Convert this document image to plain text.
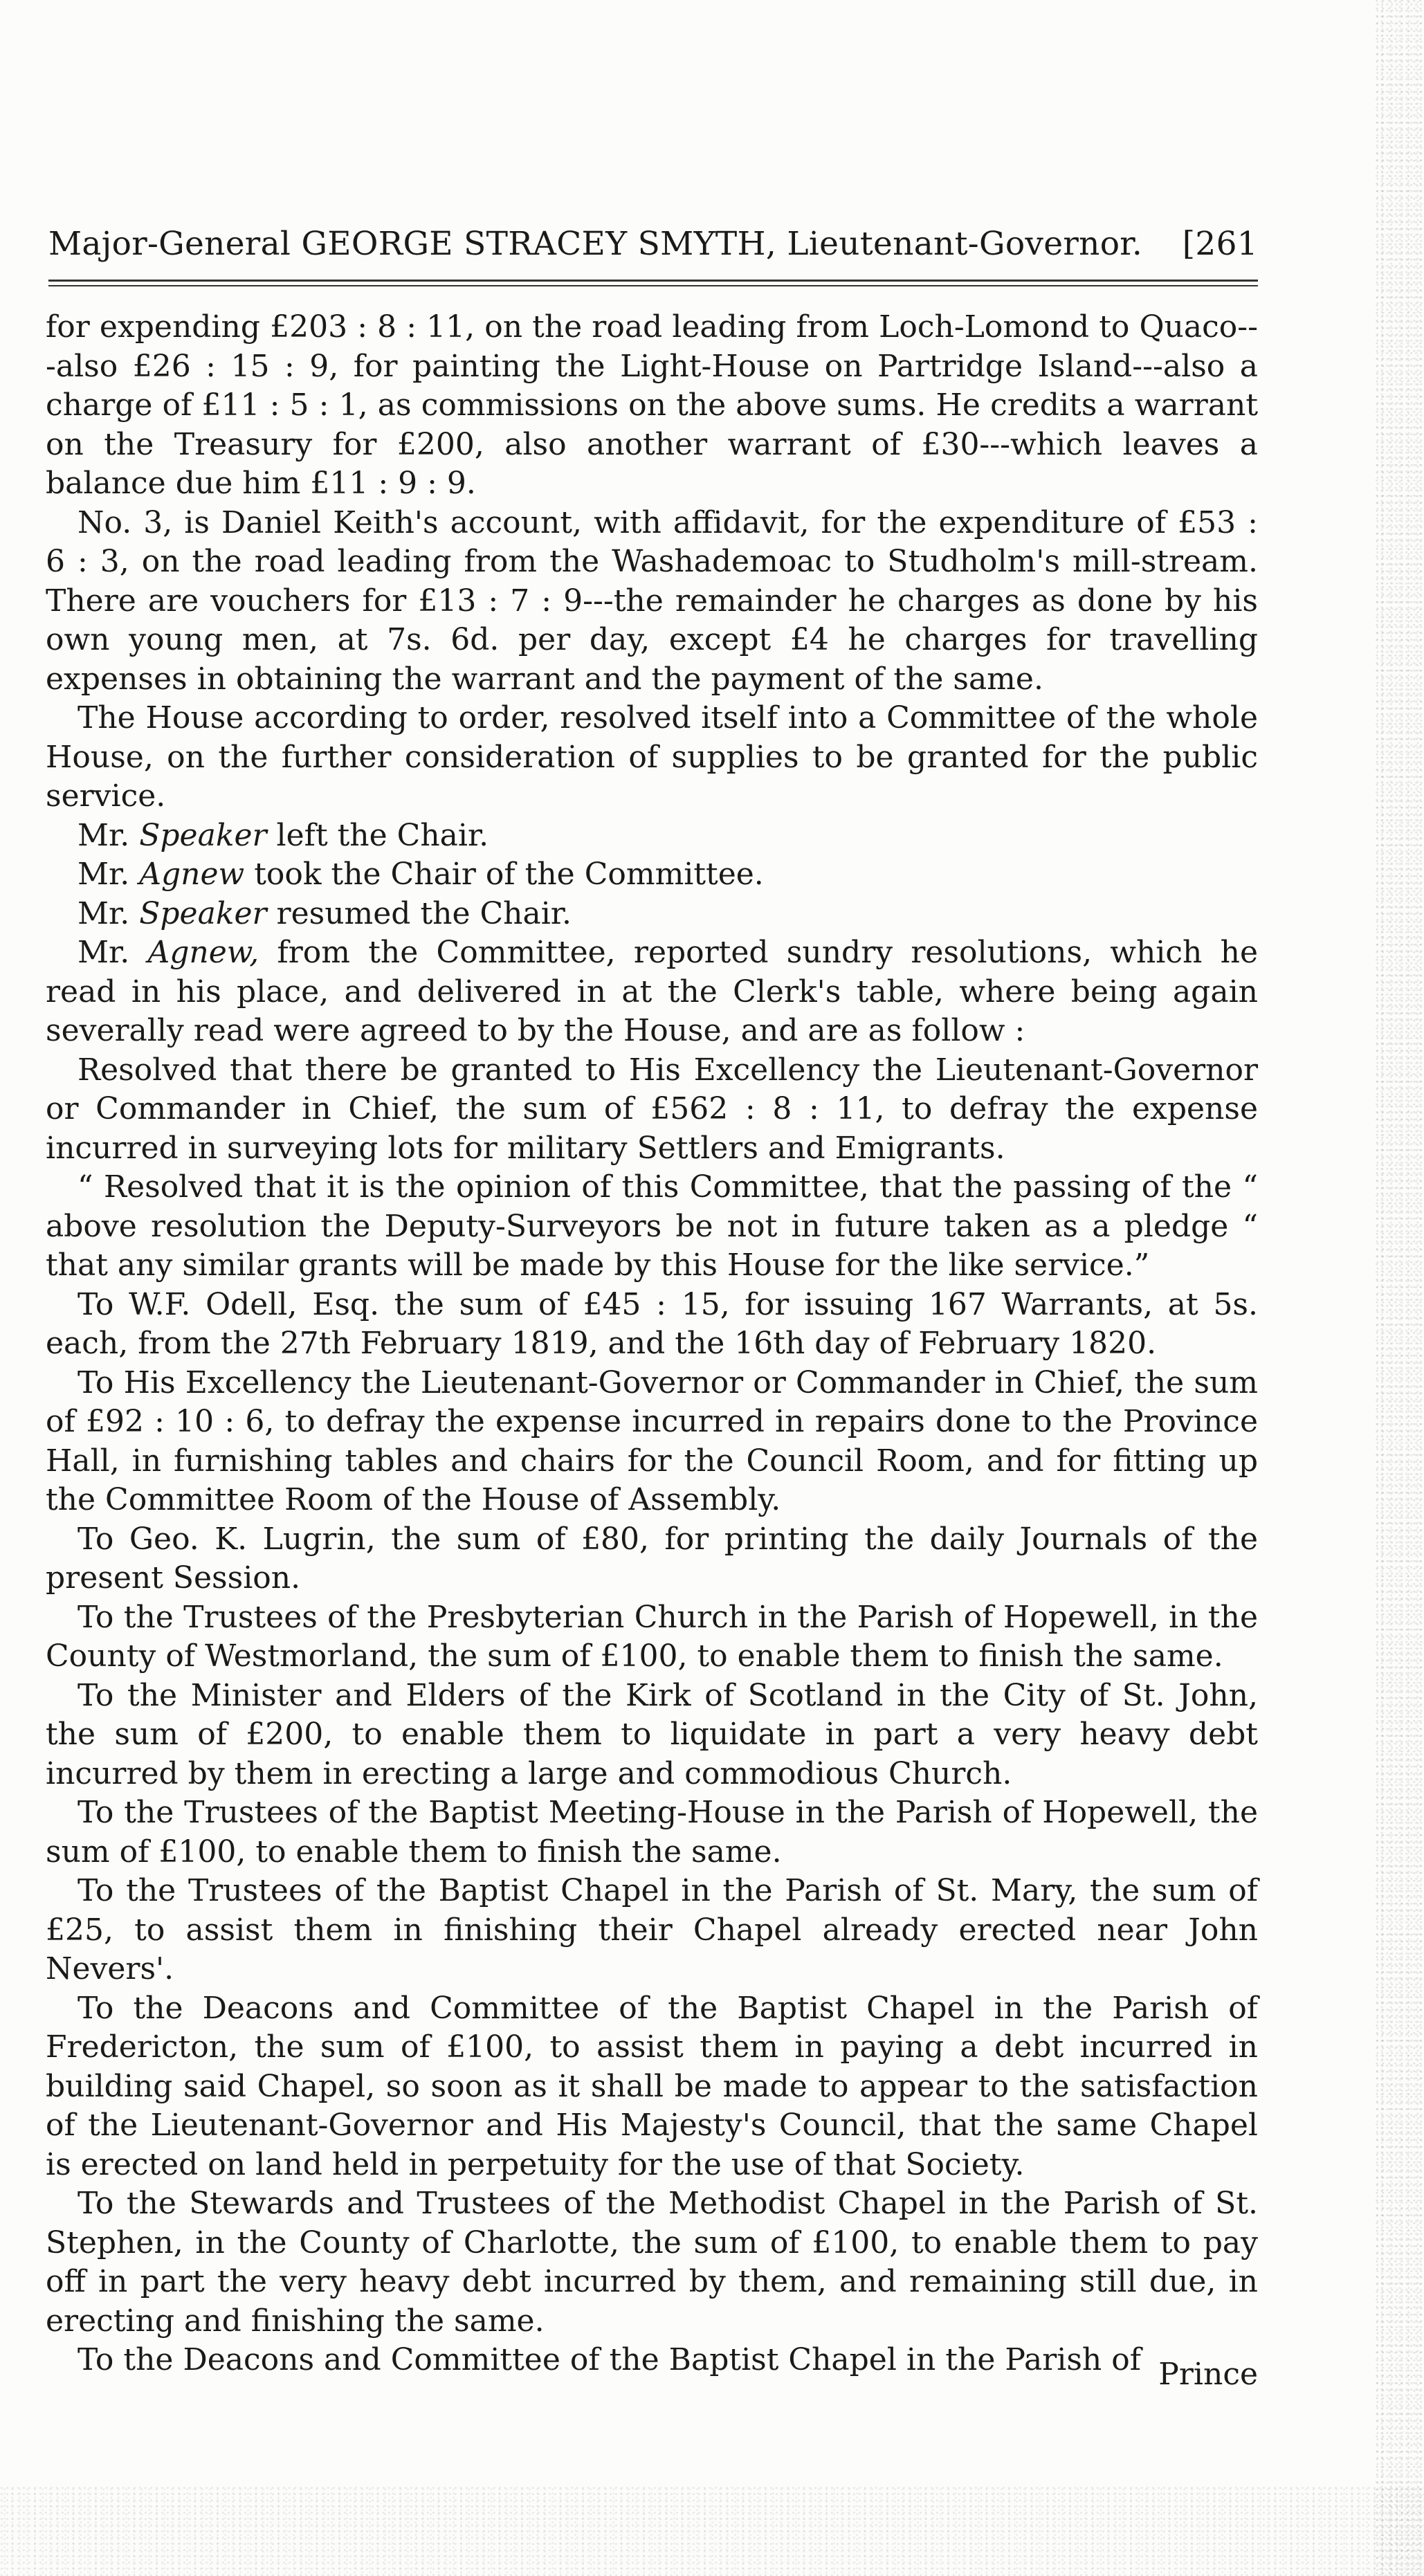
Major-General GEORGE STRACEY SMYTH, Lieutenant-Governor. [261

for expending £203 : 8 : 11, on the road leading from Loch-Lomond to Quaco---also £26 : 15 : 9, for painting the Light-House on Partridge Island---also a charge of £11 : 5 : 1, as commissions on the above sums. He credits a warrant on the Treasury for £200, also another warrant of £30---which leaves a balance due him £11 : 9 : 9.

No. 3, is Daniel Keith's account, with affidavit, for the expenditure of £53 : 6 : 3, on the road leading from the Washademoac to Studholm's mill-stream. There are vouchers for £13 : 7 : 9---the remainder he charges as done by his own young men, at 7s. 6d. per day, except £4 he charges for travelling expenses in obtaining the warrant and the payment of the same.

The House according to order, resolved itself into a Committee of the whole House, on the further consideration of supplies to be granted for the public service.

Mr. Speaker left the Chair.

Mr. Agnew took the Chair of the Committee.

Mr. Speaker resumed the Chair.

Mr. Agnew, from the Committee, reported sundry resolutions, which he read in his place, and delivered in at the Clerk's table, where being again severally read were agreed to by the House, and are as follow :

Resolved that there be granted to His Excellency the Lieutenant-Governor or Commander in Chief, the sum of £562 : 8 : 11, to defray the expense incurred in surveying lots for military Settlers and Emigrants.

“ Resolved that it is the opinion of this Committee, that the passing of the “ above resolution the Deputy-Surveyors be not in future taken as a pledge “ that any similar grants will be made by this House for the like service.”

To W.F. Odell, Esq. the sum of £45 : 15, for issuing 167 Warrants, at 5s. each, from the 27th February 1819, and the 16th day of February 1820.

To His Excellency the Lieutenant-Governor or Commander in Chief, the sum of £92 : 10 : 6, to defray the expense incurred in repairs done to the Province Hall, in furnishing tables and chairs for the Council Room, and for fitting up the Committee Room of the House of Assembly.

To Geo. K. Lugrin, the sum of £80, for printing the daily Journals of the present Session.

To the Trustees of the Presbyterian Church in the Parish of Hopewell, in the County of Westmorland, the sum of £100, to enable them to finish the same.

To the Minister and Elders of the Kirk of Scotland in the City of St. John, the sum of £200, to enable them to liquidate in part a very heavy debt incurred by them in erecting a large and commodious Church.

To the Trustees of the Baptist Meeting-House in the Parish of Hopewell, the sum of £100, to enable them to finish the same.

To the Trustees of the Baptist Chapel in the Parish of St. Mary, the sum of £25, to assist them in finishing their Chapel already erected near John Nevers'.

To the Deacons and Committee of the Baptist Chapel in the Parish of Fredericton, the sum of £100, to assist them in paying a debt incurred in building said Chapel, so soon as it shall be made to appear to the satisfaction of the Lieutenant-Governor and His Majesty's Council, that the same Chapel is erected on land held in perpetuity for the use of that Society.

To the Stewards and Trustees of the Methodist Chapel in the Parish of St. Stephen, in the County of Charlotte, the sum of £100, to enable them to pay off in part the very heavy debt incurred by them, and remaining still due, in erecting and finishing the same.

To the Deacons and Committee of the Baptist Chapel in the Parish of Prince
